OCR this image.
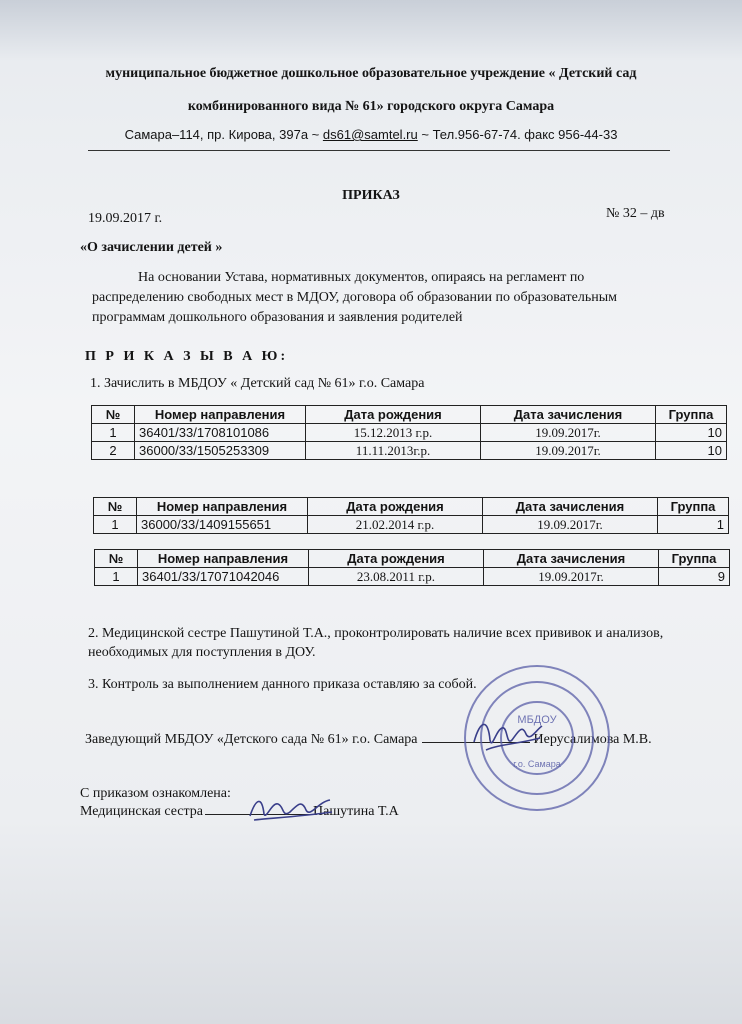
муниципальное бюджетное дошкольное образовательное учреждение « Детский сад
комбинированного вида № 61» городского округа Самара
Самара–114, пр. Кирова, 397а ~ ds61@samtel.ru ~ Тел.956-67-74. факс 956-44-33
ПРИКАЗ
19.09.2017 г.	№ 32 – дв
«О зачислении детей »
На основании Устава, нормативных документов, опираясь на регламент по распределению свободных мест в МДОУ, договора об образовании по образовательным программам дошкольного образования и заявления родителей
П Р И К А З Ы В А Ю:
1. Зачислить в МБДОУ « Детский сад № 61» г.о. Самара
№	Номер направления	Дата рождения	Дата зачисления	Группа
1	36401/33/1708101086	15.12.2013 г.р.	19.09.2017г.	10
2	36000/33/1505253309	11.11.2013г.р.	19.09.2017г.	10
№	Номер направления	Дата рождения	Дата зачисления	Группа
1	36000/33/1409155651	21.02.2014 г.р.	19.09.2017г.	1
№	Номер направления	Дата рождения	Дата зачисления	Группа
1	36401/33/17071042046	23.08.2011 г.р.	19.09.2017г.	9
2. Медицинской сестре Пашутиной Т.А., проконтролировать наличие всех прививок и анализов, необходимых для поступления в ДОУ.
3. Контроль за выполнением данного приказа оставляю за собой.
Заведующий МБДОУ «Детского сада № 61» г.о. Самара	Иерусалимова М.В.
С приказом ознакомлена:
Медицинская сестра	Пашутина Т.А
МБДОУ
г.о. Самара
